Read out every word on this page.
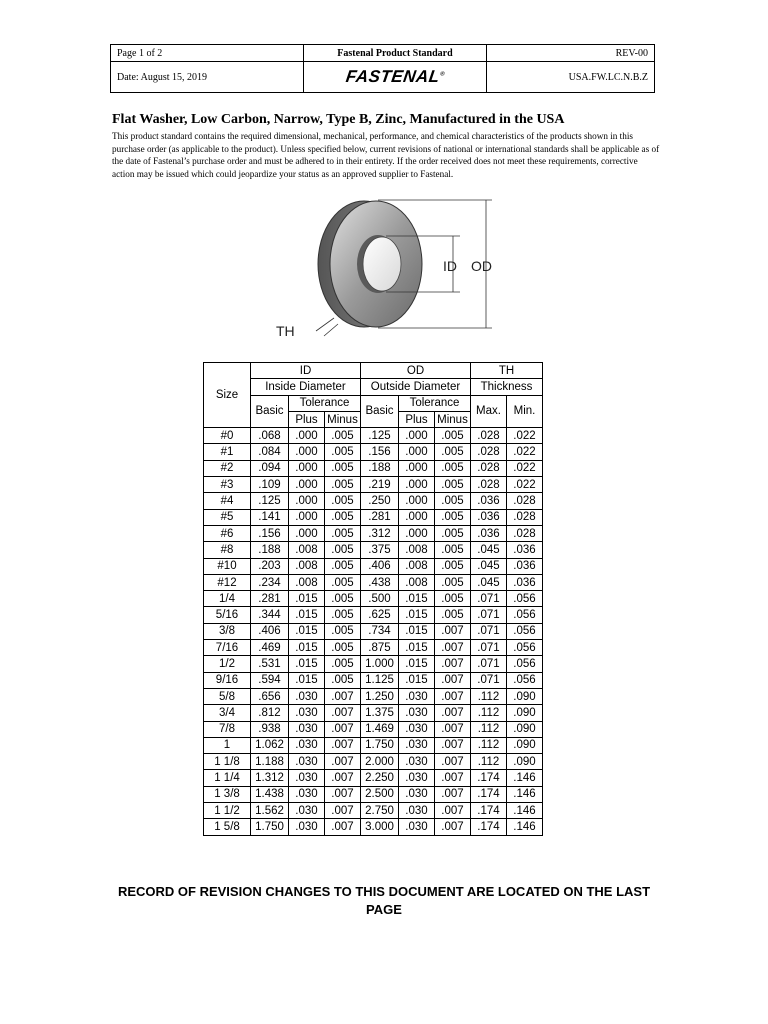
Page 1 of 2	Fastenal Product Standard	REV-00
Date: August 15, 2019	FASTENAL®	USA.FW.LC.N.B.Z
Flat Washer, Low Carbon, Narrow, Type B, Zinc, Manufactured in the USA

This product standard contains the required dimensional, mechanical, performance, and chemical characteristics of the products shown in this purchase order (as applicable to the product). Unless specified below, current revisions of national or international standards shall be applicable as of the date of Fastenal’s purchase order and must be adhered to in their entirety. If the order received does not meet these requirements, corrective action may be issued which could jeopardize your status as an approved supplier to Fastenal.

ID OD
TH
Size	ID			OD			TH	
	Inside Diameter			Outside Diameter			Thickness	
	Basic	Tolerance		Basic	Tolerance		Max.	Min.
		Plus	Minus		Plus	Minus		
#0	.068	.000	.005	.125	.000	.005	.028	.022
#1	.084	.000	.005	.156	.000	.005	.028	.022
#2	.094	.000	.005	.188	.000	.005	.028	.022
#3	.109	.000	.005	.219	.000	.005	.028	.022
#4	.125	.000	.005	.250	.000	.005	.036	.028
#5	.141	.000	.005	.281	.000	.005	.036	.028
#6	.156	.000	.005	.312	.000	.005	.036	.028
#8	.188	.008	.005	.375	.008	.005	.045	.036
#10	.203	.008	.005	.406	.008	.005	.045	.036
#12	.234	.008	.005	.438	.008	.005	.045	.036
1/4	.281	.015	.005	.500	.015	.005	.071	.056
5/16	.344	.015	.005	.625	.015	.005	.071	.056
3/8	.406	.015	.005	.734	.015	.007	.071	.056
7/16	.469	.015	.005	.875	.015	.007	.071	.056
1/2	.531	.015	.005	1.000	.015	.007	.071	.056
9/16	.594	.015	.005	1.125	.015	.007	.071	.056
5/8	.656	.030	.007	1.250	.030	.007	.112	.090
3/4	.812	.030	.007	1.375	.030	.007	.112	.090
7/8	.938	.030	.007	1.469	.030	.007	.112	.090
1	1.062	.030	.007	1.750	.030	.007	.112	.090
1 1/8	1.188	.030	.007	2.000	.030	.007	.112	.090
1 1/4	1.312	.030	.007	2.250	.030	.007	.174	.146
1 3/8	1.438	.030	.007	2.500	.030	.007	.174	.146
1 1/2	1.562	.030	.007	2.750	.030	.007	.174	.146
1 5/8	1.750	.030	.007	3.000	.030	.007	.174	.146

RECORD OF REVISION CHANGES TO THIS DOCUMENT ARE LOCATED ON THE LAST PAGE
